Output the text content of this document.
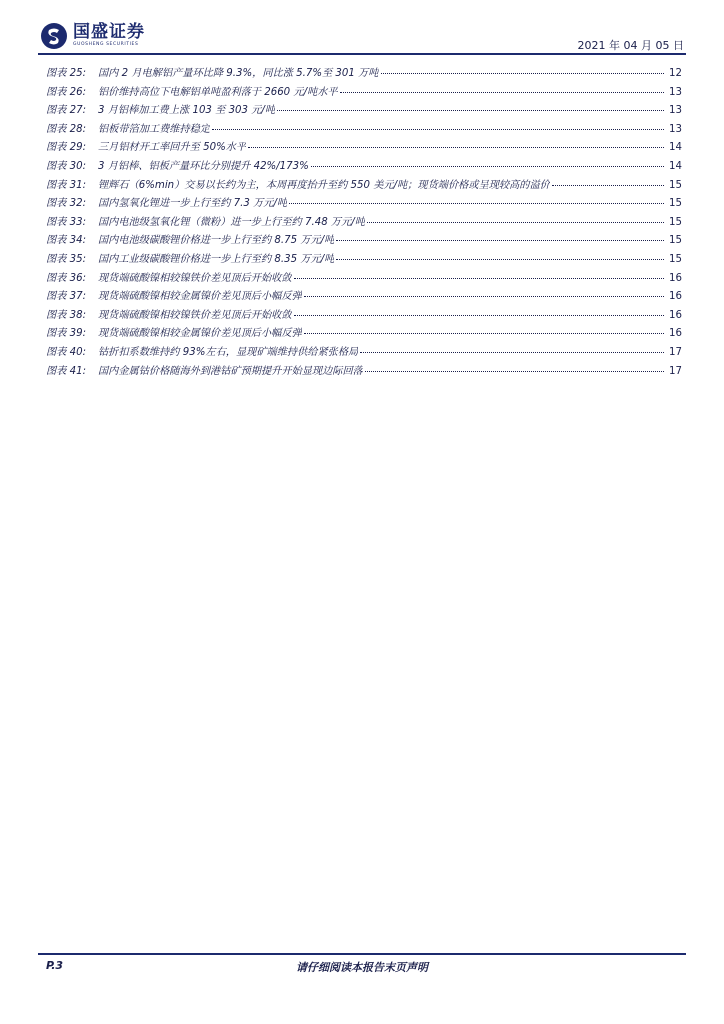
国盛证券
GUOSHENG SECURITIES	2021 年 04 月 05 日
图表 25:	国内 2 月电解铝产量环比降 9.3%，同比涨 5.7%至 301 万吨	12
图表 26:	铝价维持高位下电解铝单吨盈利落于 2660 元/吨水平	13
图表 27:	3 月铝棒加工费上涨 103 至 303 元/吨	13
图表 28:	铝板带箔加工费维持稳定	13
图表 29:	三月铝材开工率回升至 50%水平	14
图表 30:	3 月铝棒、铝板产量环比分别提升 42%/173%	14
图表 31:	锂辉石（6%min）交易以长约为主，本周再度抬升至约 550 美元/吨；现货端价格或呈现较高的溢价	15
图表 32:	国内氢氧化锂进一步上行至约 7.3 万元/吨	15
图表 33:	国内电池级氢氧化锂（微粉）进一步上行至约 7.48 万元/吨	15
图表 34:	国内电池级碳酸锂价格进一步上行至约 8.75 万元/吨	15
图表 35:	国内工业级碳酸锂价格进一步上行至约 8.35 万元/吨	15
图表 36:	现货端硫酸镍相较镍铁价差见顶后开始收敛	16
图表 37:	现货端硫酸镍相较金属镍价差见顶后小幅反弹	16
图表 38:	现货端硫酸镍相较镍铁价差见顶后开始收敛	16
图表 39:	现货端硫酸镍相较金属镍价差见顶后小幅反弹	16
图表 40:	钴折扣系数维持约 93%左右，显现矿端维持供给紧张格局	17
图表 41:	国内金属钴价格随海外到港钴矿预期提升开始显现边际回落	17
P.3	请仔细阅读本报告末页声明
